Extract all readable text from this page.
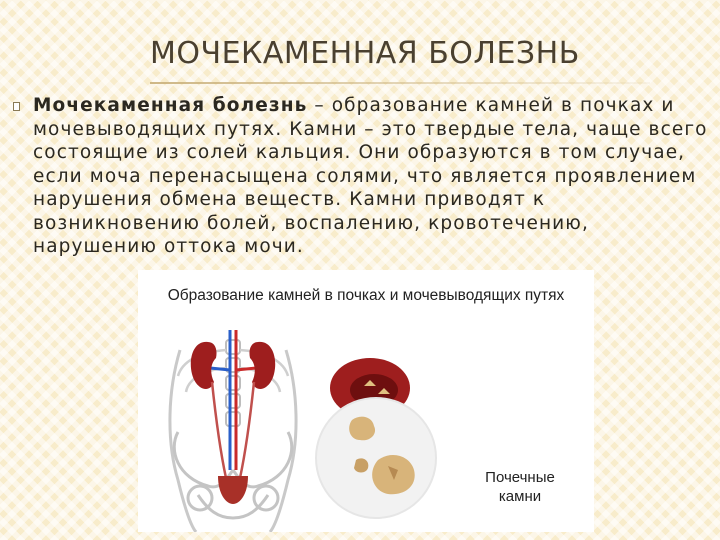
МОЧЕКАМЕННАЯ БОЛЕЗНЬ

Мочекаменная болезнь – образование камней в почках и мочевыводящих путях. Камни – это твердые тела, чаще всего состоящие из солей кальция. Они образуются в том случае, если моча перенасыщена солями, что является проявлением нарушения обмена веществ. Камни приводят к возникновению болей, воспалению, кровотечению, нарушению оттока мочи.

Образование камней в почках и мочевыводящих путях
Почечные
камни
